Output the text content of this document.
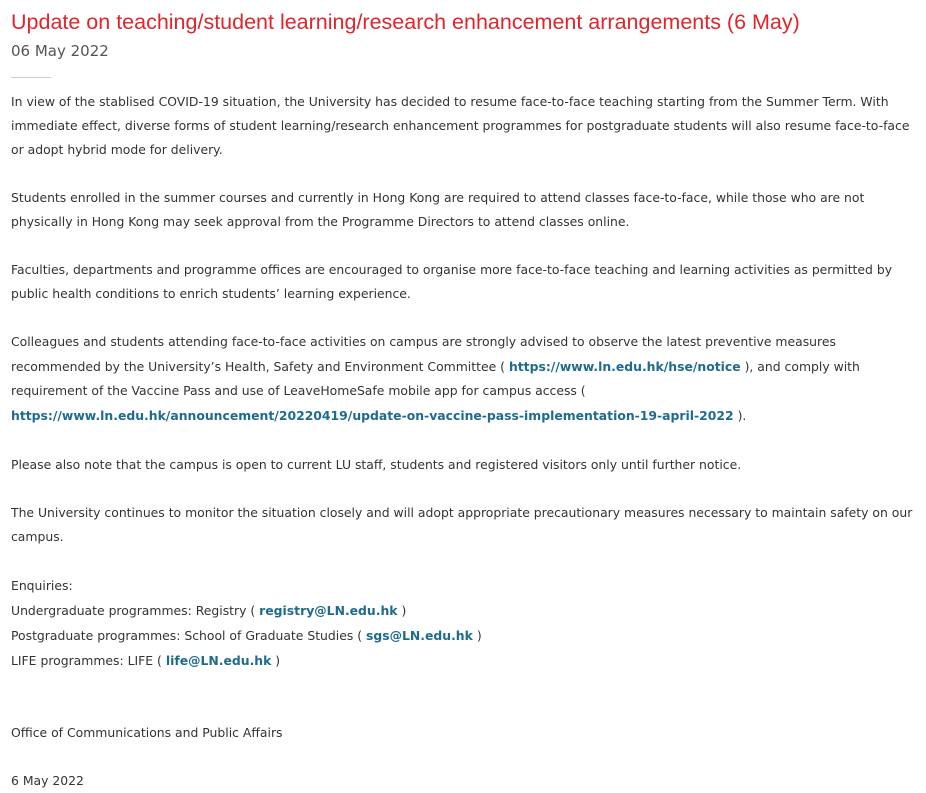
Update on teaching/student learning/research enhancement arrangements (6 May)
06 May 2022

In view of the stablised COVID-19 situation, the University has decided to resume face-to-face teaching starting from the Summer Term. With immediate effect, diverse forms of student learning/research enhancement programmes for postgraduate students will also resume face-to-face or adopt hybrid mode for delivery.

Students enrolled in the summer courses and currently in Hong Kong are required to attend classes face-to-face, while those who are not physically in Hong Kong may seek approval from the Programme Directors to attend classes online.

Faculties, departments and programme offices are encouraged to organise more face-to-face teaching and learning activities as permitted by public health conditions to enrich students’ learning experience.

Colleagues and students attending face-to-face activities on campus are strongly advised to observe the latest preventive measures recommended by the University’s Health, Safety and Environment Committee ( https://www.ln.edu.hk/hse/notice ), and comply with requirement of the Vaccine Pass and use of LeaveHomeSafe mobile app for campus access ( https://www.ln.edu.hk/announcement/20220419/update-on-vaccine-pass-implementation-19-april-2022 ).

Please also note that the campus is open to current LU staff, students and registered visitors only until further notice.

The University continues to monitor the situation closely and will adopt appropriate precautionary measures necessary to maintain safety on our campus.

Enquiries:
Undergraduate programmes: Registry ( registry@LN.edu.hk )
Postgraduate programmes: School of Graduate Studies ( sgs@LN.edu.hk )
LIFE programmes: LIFE ( life@LN.edu.hk )

Office of Communications and Public Affairs

6 May 2022
